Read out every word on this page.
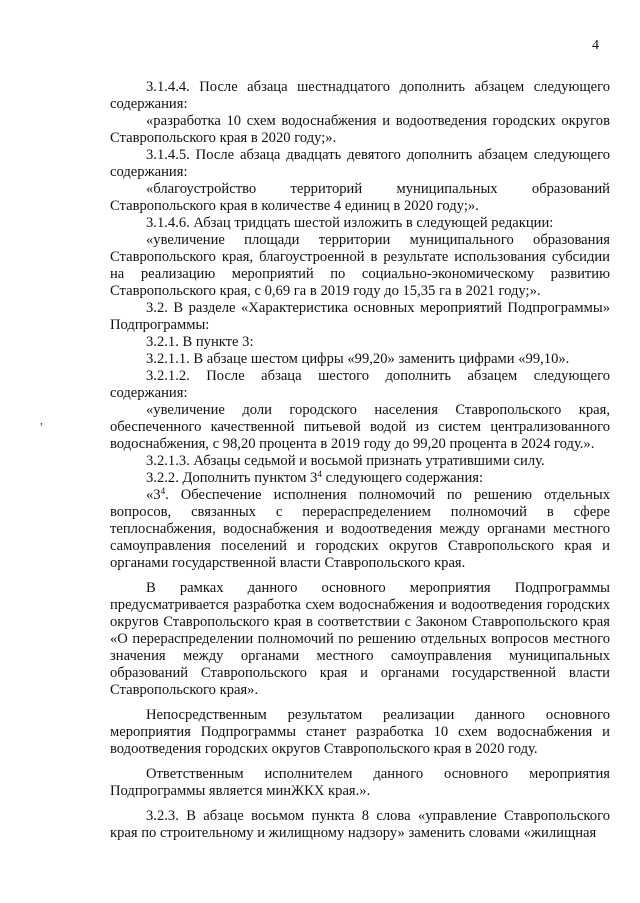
4
,

3.1.4.4. После абзаца шестнадцатого дополнить абзацем следующего содержания:

«разработка 10 схем водоснабжения и водоотведения городских округов Ставропольского края в 2020 году;».

3.1.4.5. После абзаца двадцать девятого дополнить абзацем следующего содержания:

«благоустройство территорий муниципальных образований Ставропольского края в количестве 4 единиц в 2020 году;».

3.1.4.6. Абзац тридцать шестой изложить в следующей редакции:

«увеличение площади территории муниципального образования Ставропольского края, благоустроенной в результате использования субсидии на реализацию мероприятий по социально-экономическому развитию Ставропольского края, с 0,69 га в 2019 году до 15,35 га в 2021 году;».

3.2. В разделе «Характеристика основных мероприятий Подпрограммы» Подпрограммы:

3.2.1. В пункте 3:

3.2.1.1. В абзаце шестом цифры «99,20» заменить цифрами «99,10».

3.2.1.2. После абзаца шестого дополнить абзацем следующего содержания:

«увеличение доли городского населения Ставропольского края, обеспеченного качественной питьевой водой из систем централизованного водоснабжения, с 98,20 процента в 2019 году до 99,20 процента в 2024 году.».

3.2.1.3. Абзацы седьмой и восьмой признать утратившими силу.

3.2.2. Дополнить пунктом $3^4$ следующего содержания:

«$3^4$. Обеспечение исполнения полномочий по решению отдельных вопросов, связанных с перераспределением полномочий в сфере теплоснабжения, водоснабжения и водоотведения между органами местного самоуправления поселений и городских округов Ставропольского края и органами государственной власти Ставропольского края.

В рамках данного основного мероприятия Подпрограммы предусматривается разработка схем водоснабжения и водоотведения городских округов Ставропольского края в соответствии с Законом Ставропольского края «О перераспределении полномочий по решению отдельных вопросов местного значения между органами местного самоуправления муниципальных образований Ставропольского края и органами государственной власти Ставропольского края».

Непосредственным результатом реализации данного основного мероприятия Подпрограммы станет разработка 10 схем водоснабжения и водоотведения городских округов Ставропольского края в 2020 году.

Ответственным исполнителем данного основного мероприятия Подпрограммы является минЖКХ края.».

3.2.3. В абзаце восьмом пункта 8 слова «управление Ставропольского края по строительному и жилищному надзору» заменить словами «жилищная
